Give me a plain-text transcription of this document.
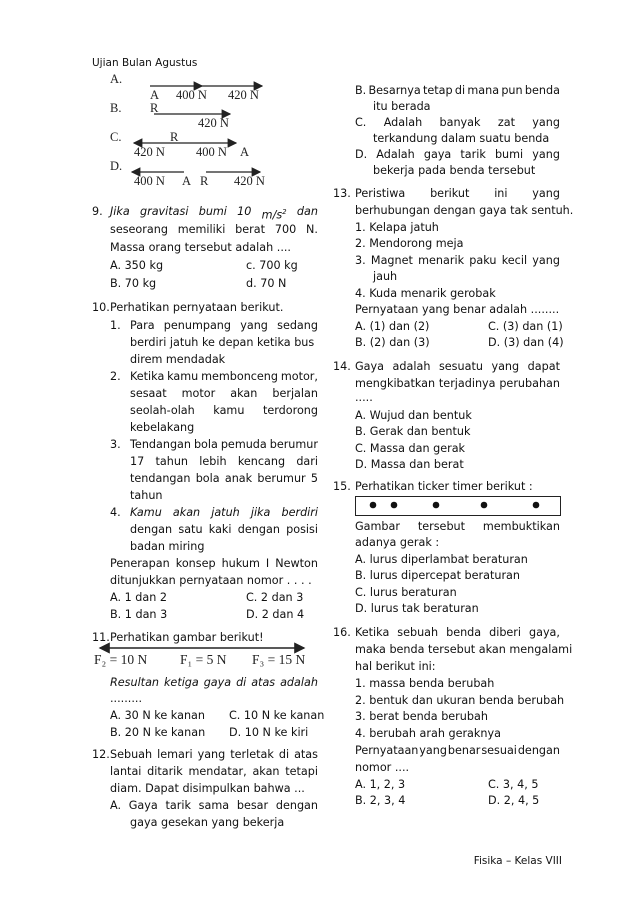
Ujian Bulan Agustus
A.
A 400 N 420 N
B. R
420 N
C.	R
420 N 400 N A
D.
400 N A R 420 N
9. Jika gravitasi bumi 10 $m/s^2$ dan
seseorang memiliki berat 700 N.
Massa orang tersebut adalah ....
A. 350 kg	c. 700 kg
B. 70 kg	d. 70 N
10. Perhatikan pernyataan berikut.
1. Para penumpang yang sedang
berdiri jatuh ke depan ketika bus
direm mendadak
2. Ketika kamu membonceng motor,
sesaat motor akan berjalan
seolah-olah kamu terdorong
kebelakang
3. Tendangan bola pemuda berumur
17 tahun lebih kencang dari
tendangan bola anak berumur 5
tahun
4. Kamu akan jatuh jika berdiri
dengan satu kaki dengan posisi
badan miring
Penerapan konsep hukum I Newton
ditunjukkan pernyataan nomor . . . .
A. 1 dan 2	C. 2 dan 3
B. 1 dan 3	D. 2 dan 4
11. Perhatikan gambar berikut!
F₂ = 10 N F₁ = 5 N F₃ = 15 N
Resultan ketiga gaya di atas adalah
.........
A. 30 N ke kanan C. 10 N ke kanan
B. 20 N ke kanan D. 10 N ke kiri
12. Sebuah lemari yang terletak di atas
lantai ditarik mendatar, akan tetapi
diam. Dapat disimpulkan bahwa ...
A. Gaya tarik sama besar dengan
gaya gesekan yang bekerja
B. Besarnya tetap di mana pun benda
itu berada
C. Adalah banyak zat yang
terkandung dalam suatu benda
D. Adalah gaya tarik bumi yang
bekerja pada benda tersebut
13. Peristiwa berikut ini yang
berhubungan dengan gaya tak sentuh.
1. Kelapa jatuh
2. Mendorong meja
3. Magnet menarik paku kecil yang
jauh
4. Kuda menarik gerobak
Pernyataan yang benar adalah ........
A. (1) dan (2)	C. (3) dan (1)
B. (2) dan (3)	D. (3) dan (4)
14. Gaya adalah sesuatu yang dapat
mengkibatkan terjadinya perubahan
.....
A. Wujud dan bentuk
B. Gerak dan bentuk
C. Massa dan gerak
D. Massa dan berat
15. Perhatikan ticker timer berikut :
Gambar tersebut membuktikan
adanya gerak :
A. lurus diperlambat beraturan
B. lurus dipercepat beraturan
C. lurus beraturan
D. lurus tak beraturan
16. Ketika sebuah benda diberi gaya,
maka benda tersebut akan mengalami
hal berikut ini:
1. massa benda berubah
2. bentuk dan ukuran benda berubah
3. berat benda berubah
4. berubah arah geraknya
Pernyataan yang benar sesuai dengan
nomor ....
A. 1, 2, 3	C. 3, 4, 5
B. 2, 3, 4	D. 2, 4, 5
Fisika – Kelas VIII
